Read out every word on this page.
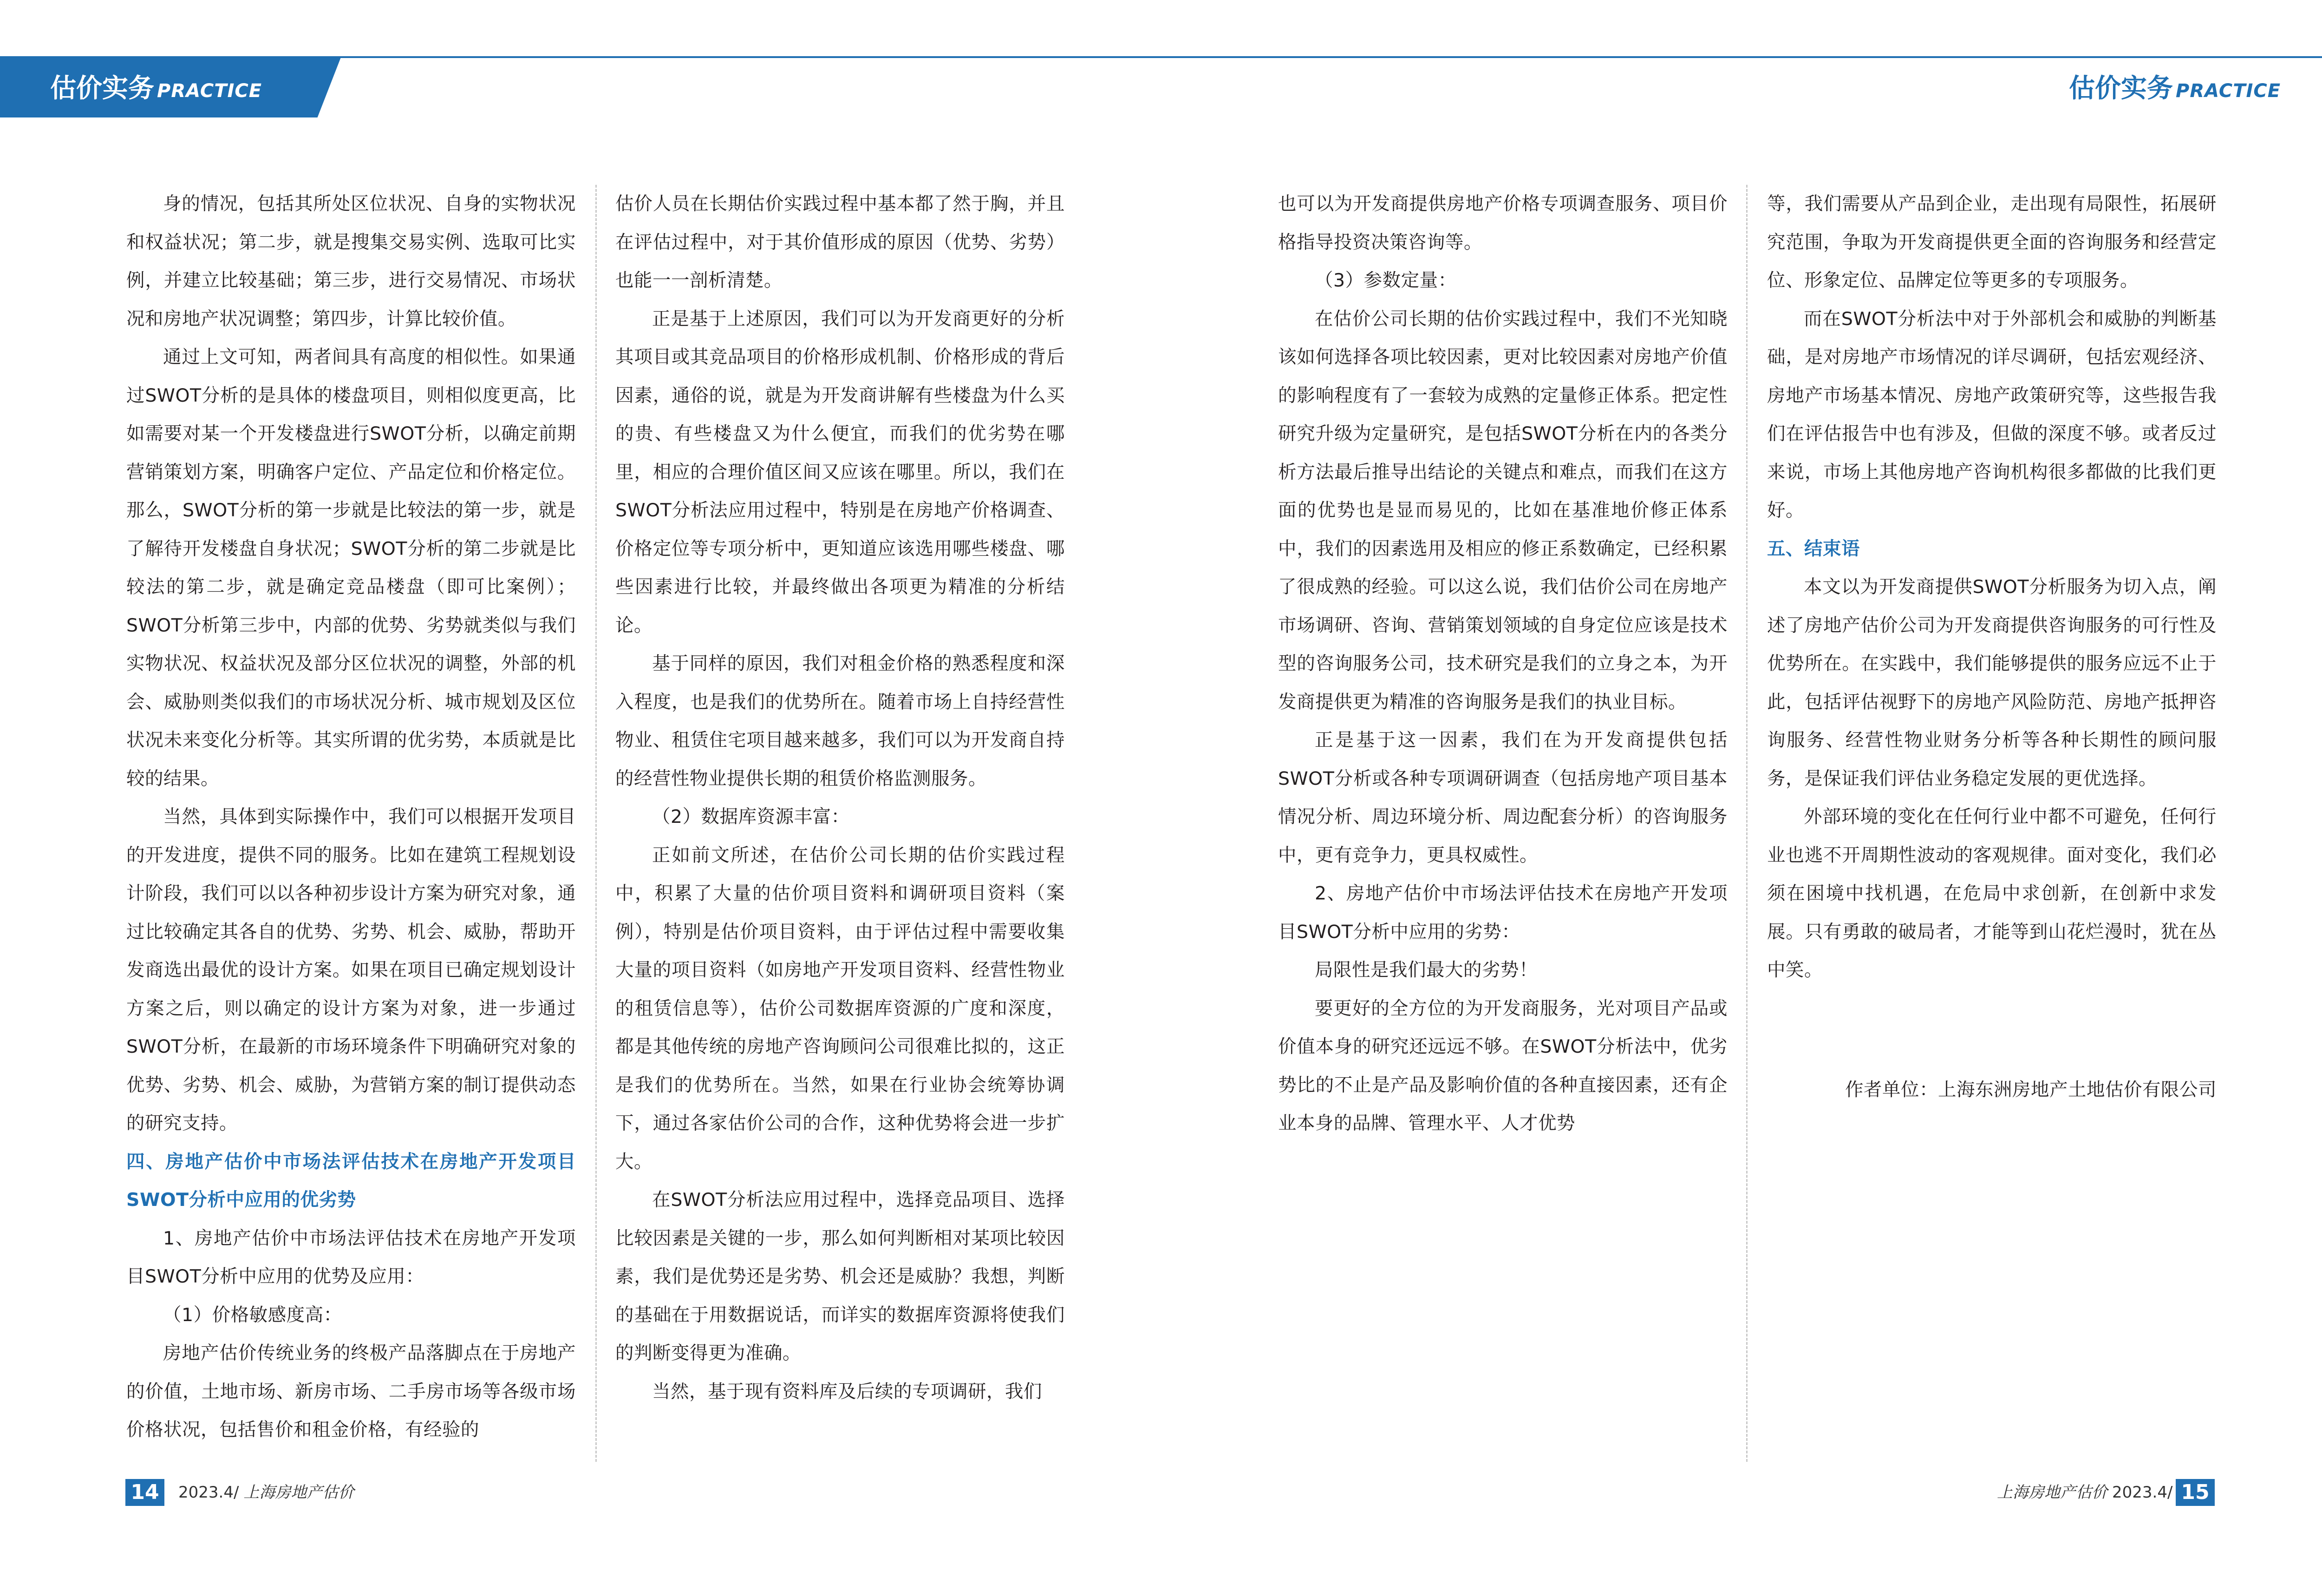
估价实务 PRACTICE	估价实务 PRACTICE

身的情况，包括其所处区位状况、自身的实物状况和权益状况；第二步，就是搜集交易实例、选取可比实例，并建立比较基础；第三步，进行交易情况、市场状况和房地产状况调整；第四步，计算比较价值。

通过上文可知，两者间具有高度的相似性。如果通过SWOT分析的是具体的楼盘项目，则相似度更高，比如需要对某一个开发楼盘进行SWOT分析，以确定前期营销策划方案，明确客户定位、产品定位和价格定位。那么，SWOT分析的第一步就是比较法的第一步，就是了解待开发楼盘自身状况；SWOT分析的第二步就是比较法的第二步，就是确定竞品楼盘（即可比案例）；SWOT分析第三步中，内部的优势、劣势就类似与我们实物状况、权益状况及部分区位状况的调整，外部的机会、威胁则类似我们的市场状况分析、城市规划及区位状况未来变化分析等。其实所谓的优劣势，本质就是比较的结果。

当然，具体到实际操作中，我们可以根据开发项目的开发进度，提供不同的服务。比如在建筑工程规划设计阶段，我们可以以各种初步设计方案为研究对象，通过比较确定其各自的优势、劣势、机会、威胁，帮助开发商选出最优的设计方案。如果在项目已确定规划设计方案之后，则以确定的设计方案为对象，进一步通过SWOT分析，在最新的市场环境条件下明确研究对象的优势、劣势、机会、威胁，为营销方案的制订提供动态的研究支持。

四、房地产估价中市场法评估技术在房地产开发项目SWOT分析中应用的优劣势

1、房地产估价中市场法评估技术在房地产开发项目SWOT分析中应用的优势及应用：

（1）价格敏感度高：

房地产估价传统业务的终极产品落脚点在于房地产的价值，土地市场、新房市场、二手房市场等各级市场价格状况，包括售价和租金价格，有经验的

估价人员在长期估价实践过程中基本都了然于胸，并且在评估过程中，对于其价值形成的原因（优势、劣势）也能一一剖析清楚。

正是基于上述原因，我们可以为开发商更好的分析其项目或其竞品项目的价格形成机制、价格形成的背后因素，通俗的说，就是为开发商讲解有些楼盘为什么买的贵、有些楼盘又为什么便宜，而我们的优劣势在哪里，相应的合理价值区间又应该在哪里。所以，我们在SWOT分析法应用过程中，特别是在房地产价格调查、价格定位等专项分析中，更知道应该选用哪些楼盘、哪些因素进行比较，并最终做出各项更为精准的分析结论。

基于同样的原因，我们对租金价格的熟悉程度和深入程度，也是我们的优势所在。随着市场上自持经营性物业、租赁住宅项目越来越多，我们可以为开发商自持的经营性物业提供长期的租赁价格监测服务。

（2）数据库资源丰富：

正如前文所述，在估价公司长期的估价实践过程中，积累了大量的估价项目资料和调研项目资料（案例），特别是估价项目资料，由于评估过程中需要收集大量的项目资料（如房地产开发项目资料、经营性物业的租赁信息等），估价公司数据库资源的广度和深度，都是其他传统的房地产咨询顾问公司很难比拟的，这正是我们的优势所在。当然，如果在行业协会统筹协调下，通过各家估价公司的合作，这种优势将会进一步扩大。

在SWOT分析法应用过程中，选择竞品项目、选择比较因素是关键的一步，那么如何判断相对某项比较因素，我们是优势还是劣势、机会还是威胁？我想，判断的基础在于用数据说话，而详实的数据库资源将使我们的判断变得更为准确。

当然，基于现有资料库及后续的专项调研，我们

也可以为开发商提供房地产价格专项调查服务、项目价格指导投资决策咨询等。

（3）参数定量：

在估价公司长期的估价实践过程中，我们不光知晓该如何选择各项比较因素，更对比较因素对房地产价值的影响程度有了一套较为成熟的定量修正体系。把定性研究升级为定量研究，是包括SWOT分析在内的各类分析方法最后推导出结论的关键点和难点，而我们在这方面的优势也是显而易见的，比如在基准地价修正体系中，我们的因素选用及相应的修正系数确定，已经积累了很成熟的经验。可以这么说，我们估价公司在房地产市场调研、咨询、营销策划领域的自身定位应该是技术型的咨询服务公司，技术研究是我们的立身之本，为开发商提供更为精准的咨询服务是我们的执业目标。

正是基于这一因素，我们在为开发商提供包括SWOT分析或各种专项调研调查（包括房地产项目基本情况分析、周边环境分析、周边配套分析）的咨询服务中，更有竞争力，更具权威性。

2、房地产估价中市场法评估技术在房地产开发项目SWOT分析中应用的劣势：

局限性是我们最大的劣势！

要更好的全方位的为开发商服务，光对项目产品或价值本身的研究还远远不够。在SWOT分析法中，优劣势比的不止是产品及影响价值的各种直接因素，还有企业本身的品牌、管理水平、人才优势

等，我们需要从产品到企业，走出现有局限性，拓展研究范围，争取为开发商提供更全面的咨询服务和经营定位、形象定位、品牌定位等更多的专项服务。

而在SWOT分析法中对于外部机会和威胁的判断基础，是对房地产市场情况的详尽调研，包括宏观经济、房地产市场基本情况、房地产政策研究等，这些报告我们在评估报告中也有涉及，但做的深度不够。或者反过来说，市场上其他房地产咨询机构很多都做的比我们更好。

五、结束语

本文以为开发商提供SWOT分析服务为切入点，阐述了房地产估价公司为开发商提供咨询服务的可行性及优势所在。在实践中，我们能够提供的服务应远不止于此，包括评估视野下的房地产风险防范、房地产抵押咨询服务、经营性物业财务分析等各种长期性的顾问服务，是保证我们评估业务稳定发展的更优选择。

外部环境的变化在任何行业中都不可避免，任何行业也逃不开周期性波动的客观规律。面对变化，我们必须在困境中找机遇，在危局中求创新，在创新中求发展。只有勇敢的破局者，才能等到山花烂漫时，犹在丛中笑。

作者单位：上海东洲房地产土地估价有限公司

14	2023.4/ 上海房地产估价	上海房地产估价 2023.4/ 15
